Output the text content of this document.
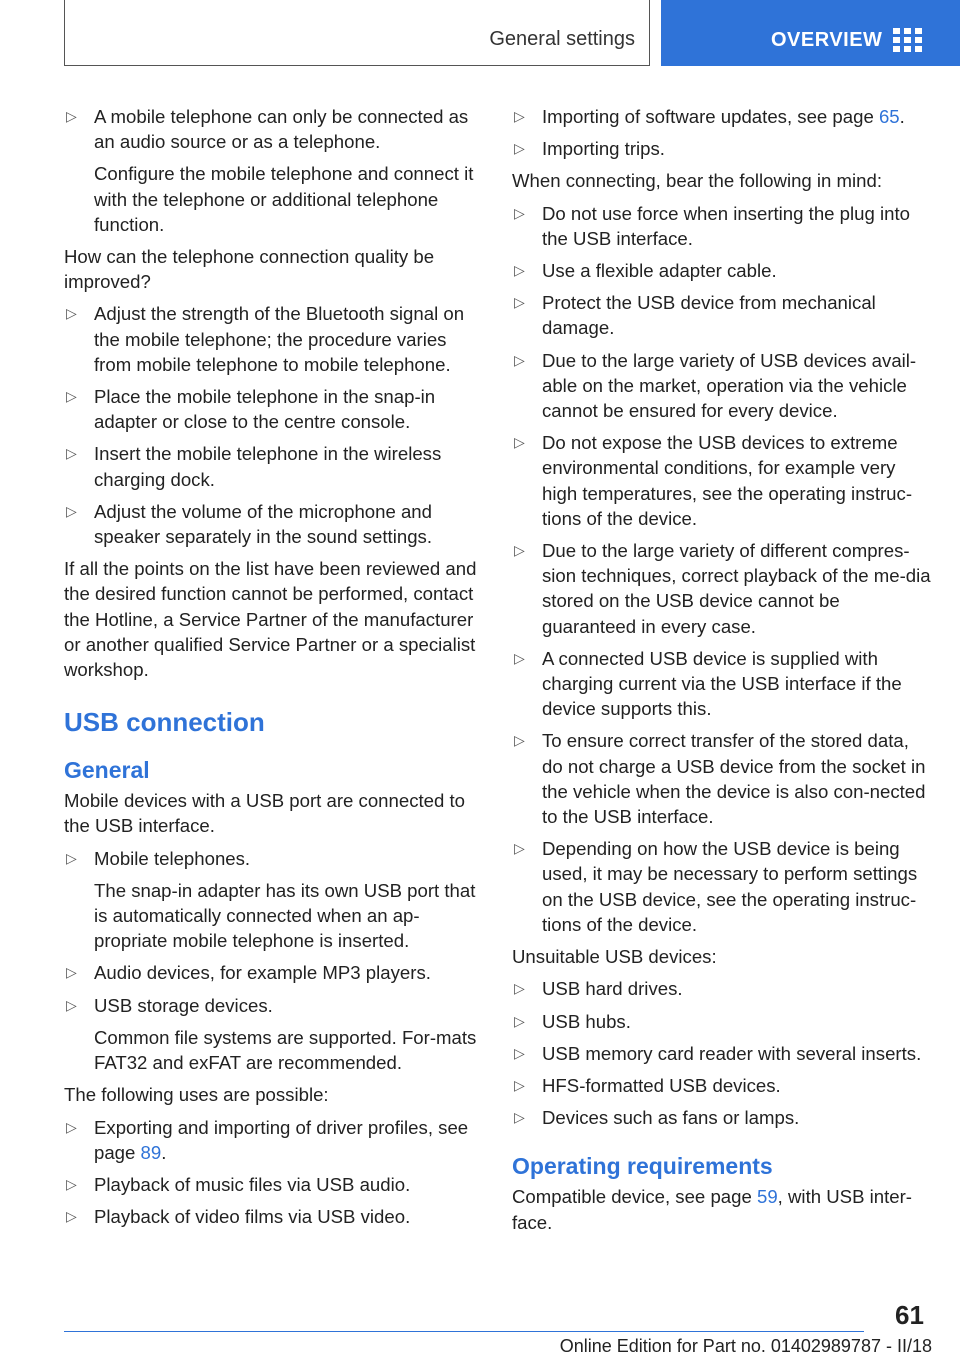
General settings	OVERVIEW
▷ A mobile telephone can only be connected as an audio source or as a telephone.
Configure the mobile telephone and connect it with the telephone or additional telephone function.

How can the telephone connection quality be improved?

▷ Adjust the strength of the Bluetooth signal on the mobile telephone; the procedure varies from mobile telephone to mobile telephone.
▷ Place the mobile telephone in the snap-in adapter or close to the centre console.
▷ Insert the mobile telephone in the wireless charging dock.
▷ Adjust the volume of the microphone and speaker separately in the sound settings.

If all the points on the list have been reviewed and the desired function cannot be performed, contact the Hotline, a Service Partner of the manufacturer or another qualified Service Partner or a specialist workshop.

USB connection
General

Mobile devices with a USB port are connected to the USB interface.

▷ Mobile telephones.
The snap-in adapter has its own USB port that is automatically connected when an ap‐propriate mobile telephone is inserted.
▷ Audio devices, for example MP3 players.
▷ USB storage devices.
Common file systems are supported. For‐mats FAT32 and exFAT are recommended.

The following uses are possible:

▷ Exporting and importing of driver profiles, see page 89.
▷ Playback of music files via USB audio.
▷ Playback of video films via USB video.
▷ Importing of software updates, see page 65.
▷ Importing trips.

When connecting, bear the following in mind:

▷ Do not use force when inserting the plug into the USB interface.
▷ Use a flexible adapter cable.
▷ Protect the USB device from mechanical damage.
▷ Due to the large variety of USB devices avail‐able on the market, operation via the vehicle cannot be ensured for every device.
▷ Do not expose the USB devices to extreme environmental conditions, for example very high temperatures, see the operating instruc‐tions of the device.
▷ Due to the large variety of different compres‐sion techniques, correct playback of the me‐dia stored on the USB device cannot be guaranteed in every case.
▷ A connected USB device is supplied with charging current via the USB interface if the device supports this.
▷ To ensure correct transfer of the stored data, do not charge a USB device from the socket in the vehicle when the device is also con‐nected to the USB interface.
▷ Depending on how the USB device is being used, it may be necessary to perform settings on the USB device, see the operating instruc‐tions of the device.

Unsuitable USB devices:

▷ USB hard drives.
▷ USB hubs.
▷ USB memory card reader with several inserts.
▷ HFS-formatted USB devices.
▷ Devices such as fans or lamps.
Operating requirements

Compatible device, see page 59, with USB inter‐face.

61
Online Edition for Part no. 01402989787 - II/18
